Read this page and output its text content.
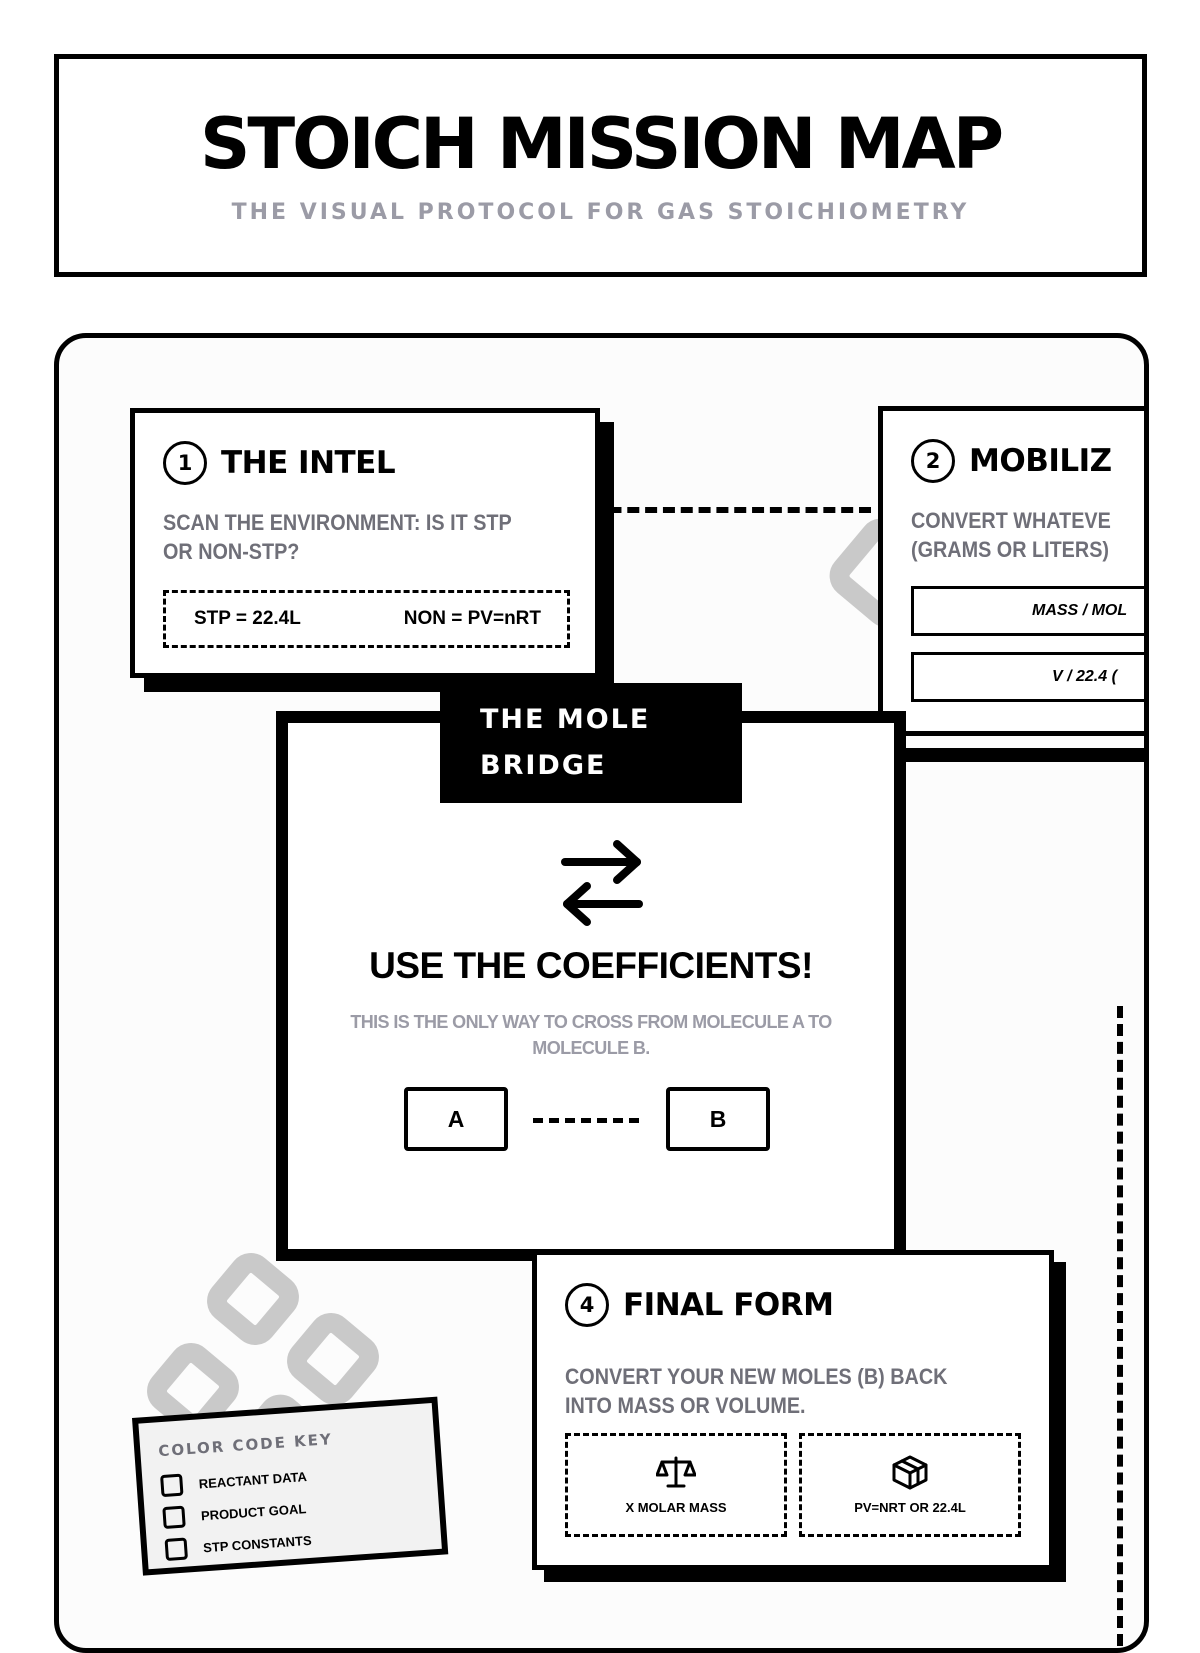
STOICH MISSION MAP

THE VISUAL PROTOCOL FOR GAS STOICHIOMETRY

1 THE INTEL

SCAN THE ENVIRONMENT: IS IT STP
OR NON-STP?

STP = 22.4L	NON = PV=nRT
2 MOBILIZ

CONVERT WHATEVE
(GRAMS OR LITERS)

MASS / MOL
V / 22.4 (
USE THE COEFFICIENTS!

THIS IS THE ONLY WAY TO CROSS FROM MOLECULE A TO
MOLECULE B.

A	B
THE MOLE
BRIDGE
4 FINAL FORM

CONVERT YOUR NEW MOLES (B) BACK
INTO MASS OR VOLUME.

X MOLAR MASS	PV=NRT OR 22.4L

COLOR CODE KEY

REACTANT DATA
PRODUCT GOAL
STP CONSTANTS
